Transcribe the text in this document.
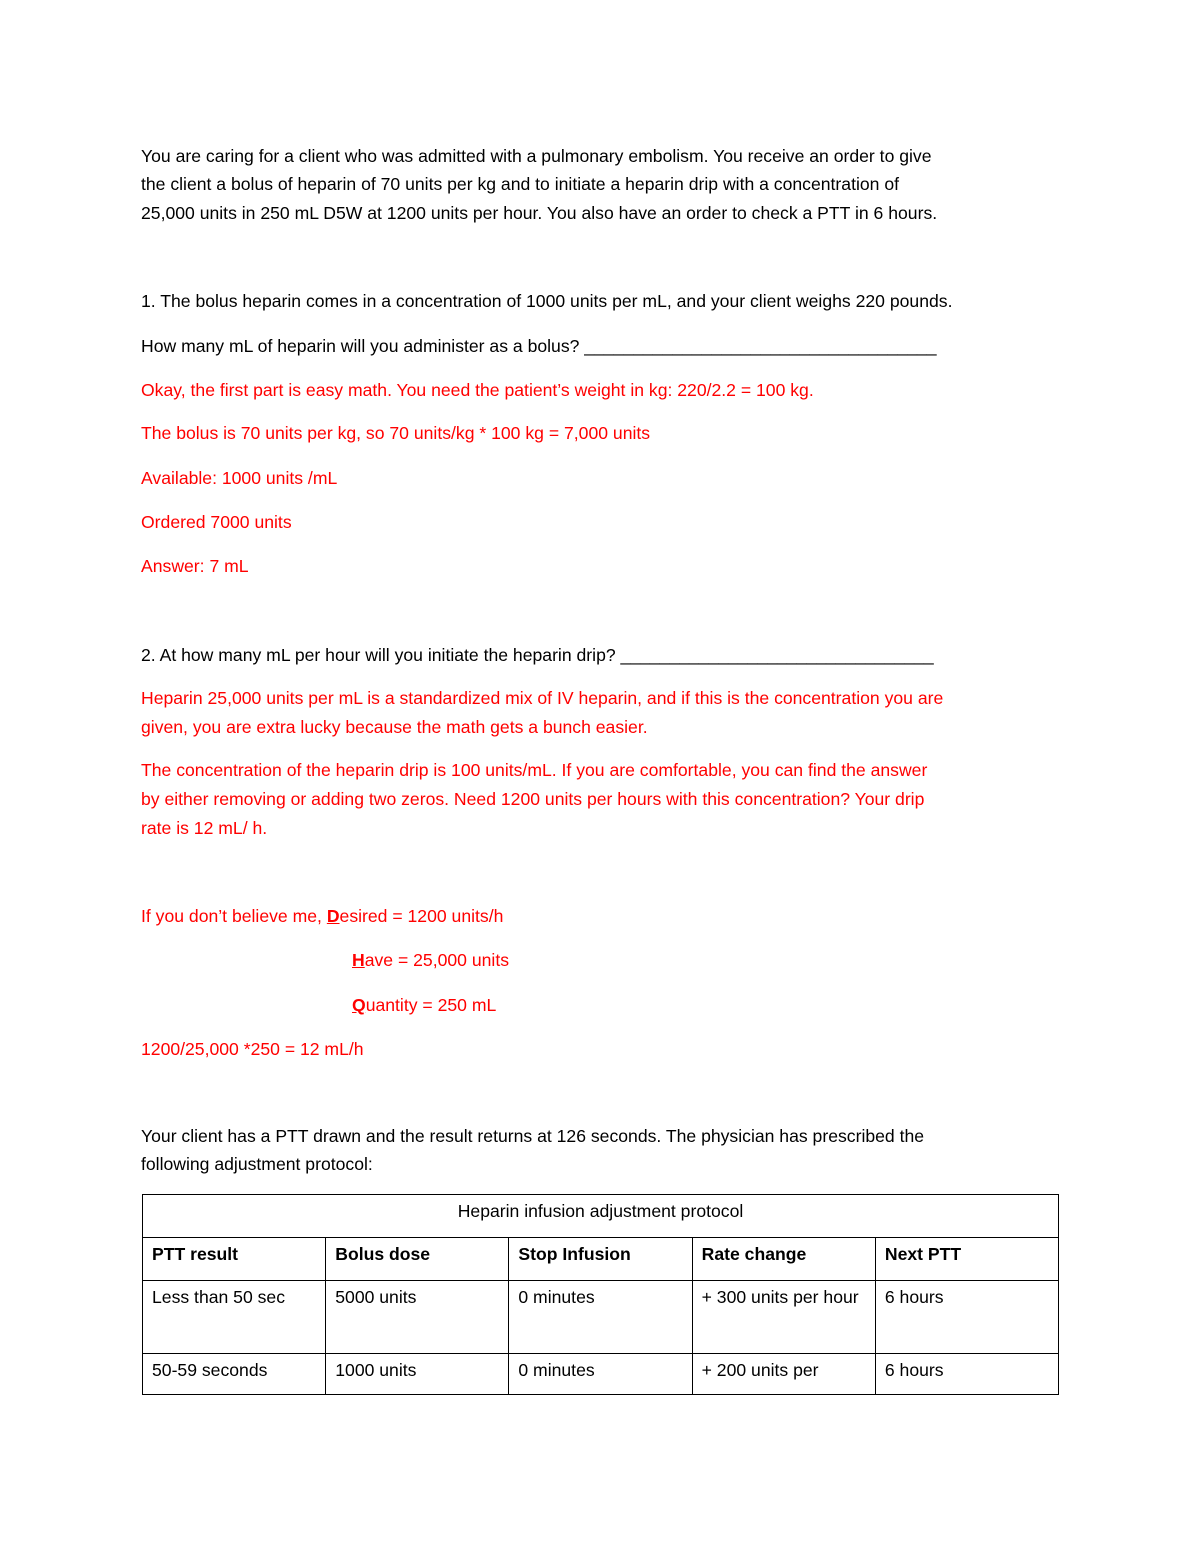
You are caring for a client who was admitted with a pulmonary embolism. You receive an order to give
the client a bolus of heparin of 70 units per kg and to initiate a heparin drip with a concentration of
25,000 units in 250 mL D5W at 1200 units per hour. You also have an order to check a PTT in 6 hours.
1. The bolus heparin comes in a concentration of 1000 units per mL, and your client weighs 220 pounds.
How many mL of heparin will you administer as a bolus? ____________________________________
Okay, the first part is easy math. You need the patient’s weight in kg: 220/2.2 = 100 kg.
The bolus is 70 units per kg, so 70 units/kg * 100 kg = 7,000 units
Available: 1000 units /mL
Ordered 7000 units
Answer: 7 mL
2. At how many mL per hour will you initiate the heparin drip? ________________________________
Heparin 25,000 units per mL is a standardized mix of IV heparin, and if this is the concentration you are
given, you are extra lucky because the math gets a bunch easier.
The concentration of the heparin drip is 100 units/mL. If you are comfortable, you can find the answer
by either removing or adding two zeros. Need 1200 units per hours with this concentration? Your drip
rate is 12 mL/ h.
If you don’t believe me, Desired = 1200 units/h
Have = 25,000 units
Quantity = 250 mL
1200/25,000 *250 = 12 mL/h
Your client has a PTT drawn and the result returns at 126 seconds. The physician has prescribed the
following adjustment protocol:
Heparin infusion adjustment protocol				
PTT result	Bolus dose	Stop Infusion	Rate change	Next PTT
Less than 50 sec	5000 units	0 minutes	+ 300 units per hour	6 hours
50-59 seconds	1000 units	0 minutes	+ 200 units per	6 hours
